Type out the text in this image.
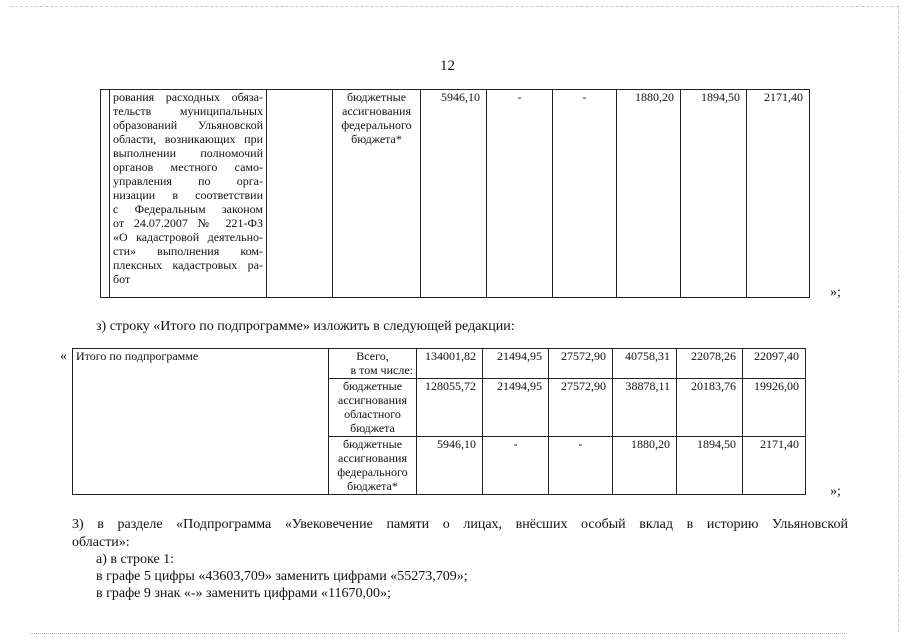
12

рования расходных обяза-
тельств муниципальных
образований Ульяновской
области, возникающих при
выполнении полномочий
органов местного само-
управления по орга-
низации в соответствии
с Федеральным законом
от 24.07.2007 № 221-ФЗ
«О кадастровой деятельно-
сти» выполнения ком-
плексных кадастровых ра-
бот

бюджетные
ассигнования
федерального
бюджета*
	5946,10	-	-	1880,20	1894,50	2171,40
»;
з) строку «Итого по подпрограмме» изложить в следующей редакции:
« Итого по подпрограмме	Всего,
в том числе:	134001,82	21494,95	27572,90	40758,31	22078,26	22097,40

	бюджетные
ассигнования
областного
бюджета	128055,72	21494,95	27572,90	38878,11	20183,76	19926,00

	бюджетные
ассигнования
федерального
бюджета*	5946,10	-	-	1880,20	1894,50	2171,40
»;
3) в разделе «Подпрограмма «Увековечение памяти о лицах, внёсших особый вклад в историю Ульяновской
области»:
а) в строке 1:
в графе 5 цифры «43603,709» заменить цифрами «55273,709»;
в графе 9 знак «-» заменить цифрами «11670,00»;
